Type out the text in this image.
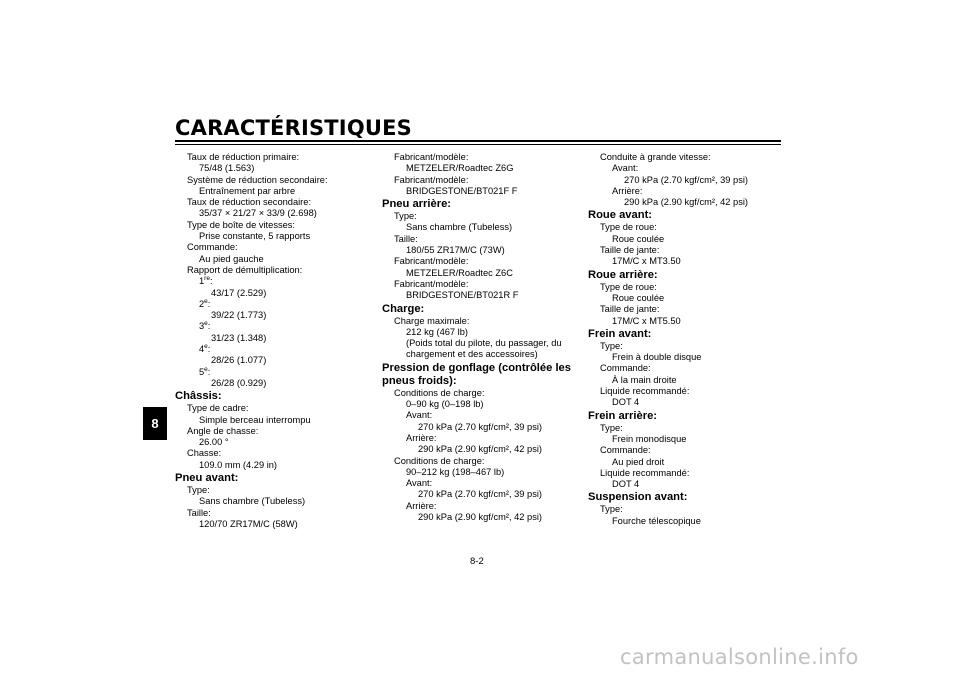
CARACTÉRISTIQUES
8
Taux de réduction primaire:
75/48 (1.563)
Système de réduction secondaire:
Entraînement par arbre
Taux de réduction secondaire:
35/37 × 21/27 × 33/9 (2.698)
Type de boîte de vitesses:
Prise constante, 5 rapports
Commande:
Au pied gauche
Rapport de démultiplication:
1re:
43/17 (2.529)
2e:
39/22 (1.773)
3e:
31/23 (1.348)
4e:
28/26 (1.077)
5e:
26/28 (0.929)
Châssis:
Type de cadre:
Simple berceau interrompu
Angle de chasse:
26.00 °
Chasse:
109.0 mm (4.29 in)
Pneu avant:
Type:
Sans chambre (Tubeless)
Taille:
120/70 ZR17M/C (58W)
Fabricant/modèle:
METZELER/Roadtec Z6G
Fabricant/modèle:
BRIDGESTONE/BT021F F
Pneu arrière:
Type:
Sans chambre (Tubeless)
Taille:
180/55 ZR17M/C (73W)
Fabricant/modèle:
METZELER/Roadtec Z6C
Fabricant/modèle:
BRIDGESTONE/BT021R F
Charge:
Charge maximale:
212 kg (467 lb)
(Poids total du pilote, du passager, du chargement et des accessoires)
Pression de gonflage (contrôlée les pneus froids):
Conditions de charge:
0–90 kg (0–198 lb)
Avant:
270 kPa (2.70 kgf/cm², 39 psi)
Arrière:
290 kPa (2.90 kgf/cm², 42 psi)
Conditions de charge:
90–212 kg (198–467 lb)
Avant:
270 kPa (2.70 kgf/cm², 39 psi)
Arrière:
290 kPa (2.90 kgf/cm², 42 psi)
Conduite à grande vitesse:
Avant:
270 kPa (2.70 kgf/cm², 39 psi)
Arrière:
290 kPa (2.90 kgf/cm², 42 psi)
Roue avant:
Type de roue:
Roue coulée
Taille de jante:
17M/C x MT3.50
Roue arrière:
Type de roue:
Roue coulée
Taille de jante:
17M/C x MT5.50
Frein avant:
Type:
Frein à double disque
Commande:
À la main droite
Liquide recommandé:
DOT 4
Frein arrière:
Type:
Frein monodisque
Commande:
Au pied droit
Liquide recommandé:
DOT 4
Suspension avant:
Type:
Fourche télescopique
8-2
carmanualsonline.info
